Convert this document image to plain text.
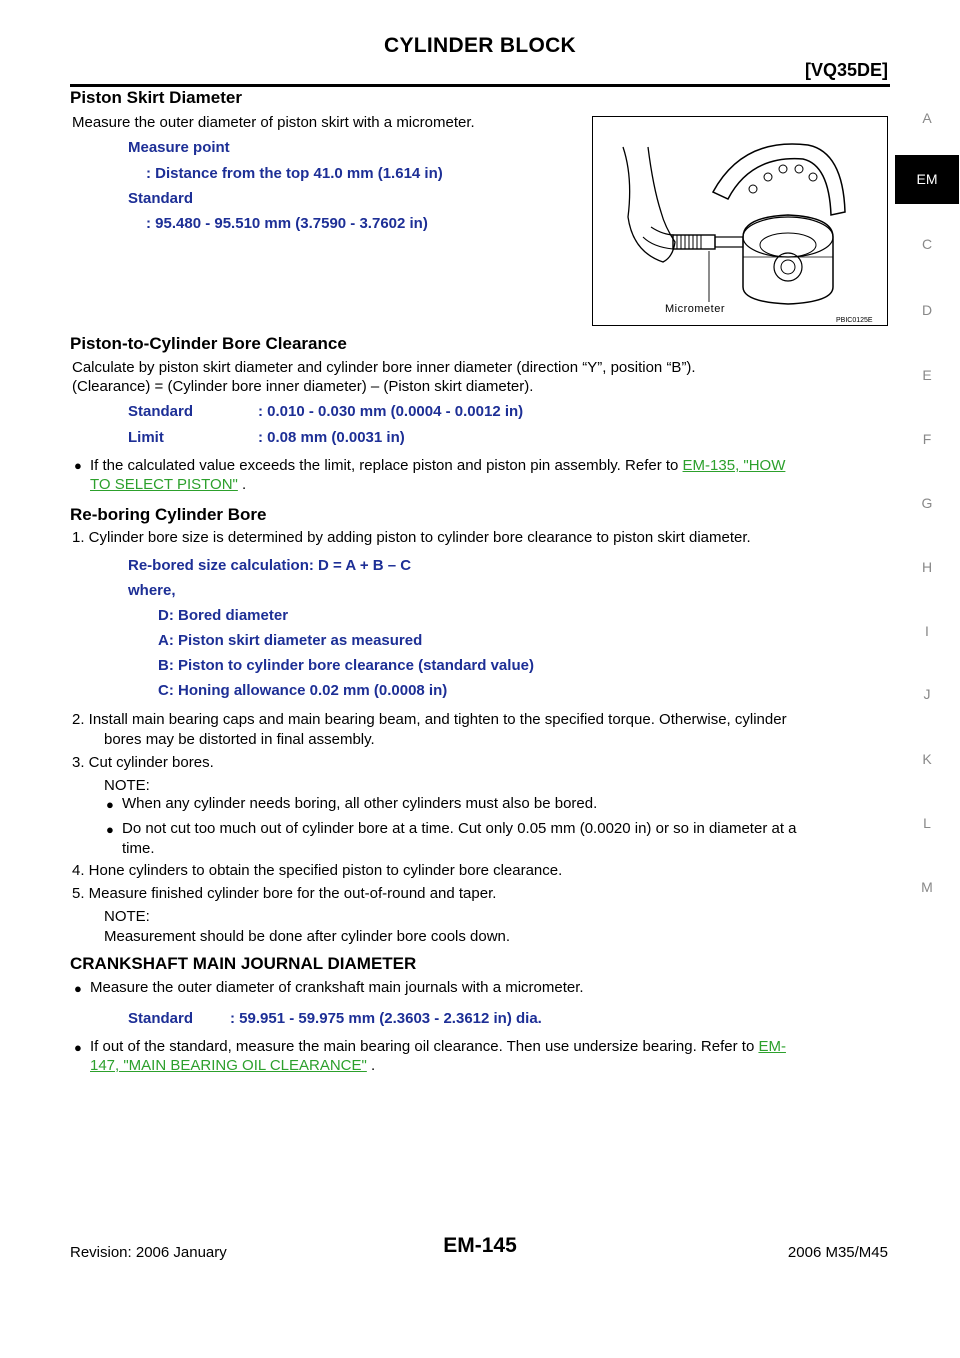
CYLINDER BLOCK
[VQ35DE]
A
EM
C
D
E
F
G
H
I
J
K
L
M
Piston Skirt Diameter
Measure the outer diameter of piston skirt with a micrometer.
Measure point
: Distance from the top 41.0 mm (1.614 in)
Standard
: 95.480 - 95.510 mm (3.7590 - 3.7602 in)
Micrometer
PBIC0125E
Piston-to-Cylinder Bore Clearance
Calculate by piston skirt diameter and cylinder bore inner diameter (direction “Y”, position “B”).
(Clearance) = (Cylinder bore inner diameter) – (Piston skirt diameter).
Standard	: 0.010 - 0.030 mm (0.0004 - 0.0012 in)
Limit	: 0.08 mm (0.0031 in)
● If the calculated value exceeds the limit, replace piston and piston pin assembly. Refer to EM-135, "HOW
TO SELECT PISTON" .
Re-boring Cylinder Bore
1. Cylinder bore size is determined by adding piston to cylinder bore clearance to piston skirt diameter.
Re-bored size calculation: D = A + B – C
where,
D: Bored diameter
A: Piston skirt diameter as measured
B: Piston to cylinder bore clearance (standard value)
C: Honing allowance 0.02 mm (0.0008 in)
2. Install main bearing caps and main bearing beam, and tighten to the specified torque. Otherwise, cylinder
bores may be distorted in final assembly.
3. Cut cylinder bores.
NOTE:
● When any cylinder needs boring, all other cylinders must also be bored.
● Do not cut too much out of cylinder bore at a time. Cut only 0.05 mm (0.0020 in) or so in diameter at a
time.
4. Hone cylinders to obtain the specified piston to cylinder bore clearance.
5. Measure finished cylinder bore for the out-of-round and taper.
NOTE:
Measurement should be done after cylinder bore cools down.
CRANKSHAFT MAIN JOURNAL DIAMETER
● Measure the outer diameter of crankshaft main journals with a micrometer.
Standard : 59.951 - 59.975 mm (2.3603 - 2.3612 in) dia.
● If out of the standard, measure the main bearing oil clearance. Then use undersize bearing. Refer to EM-
147, "MAIN BEARING OIL CLEARANCE" .
Revision: 2006 January	EM-145	2006 M35/M45
